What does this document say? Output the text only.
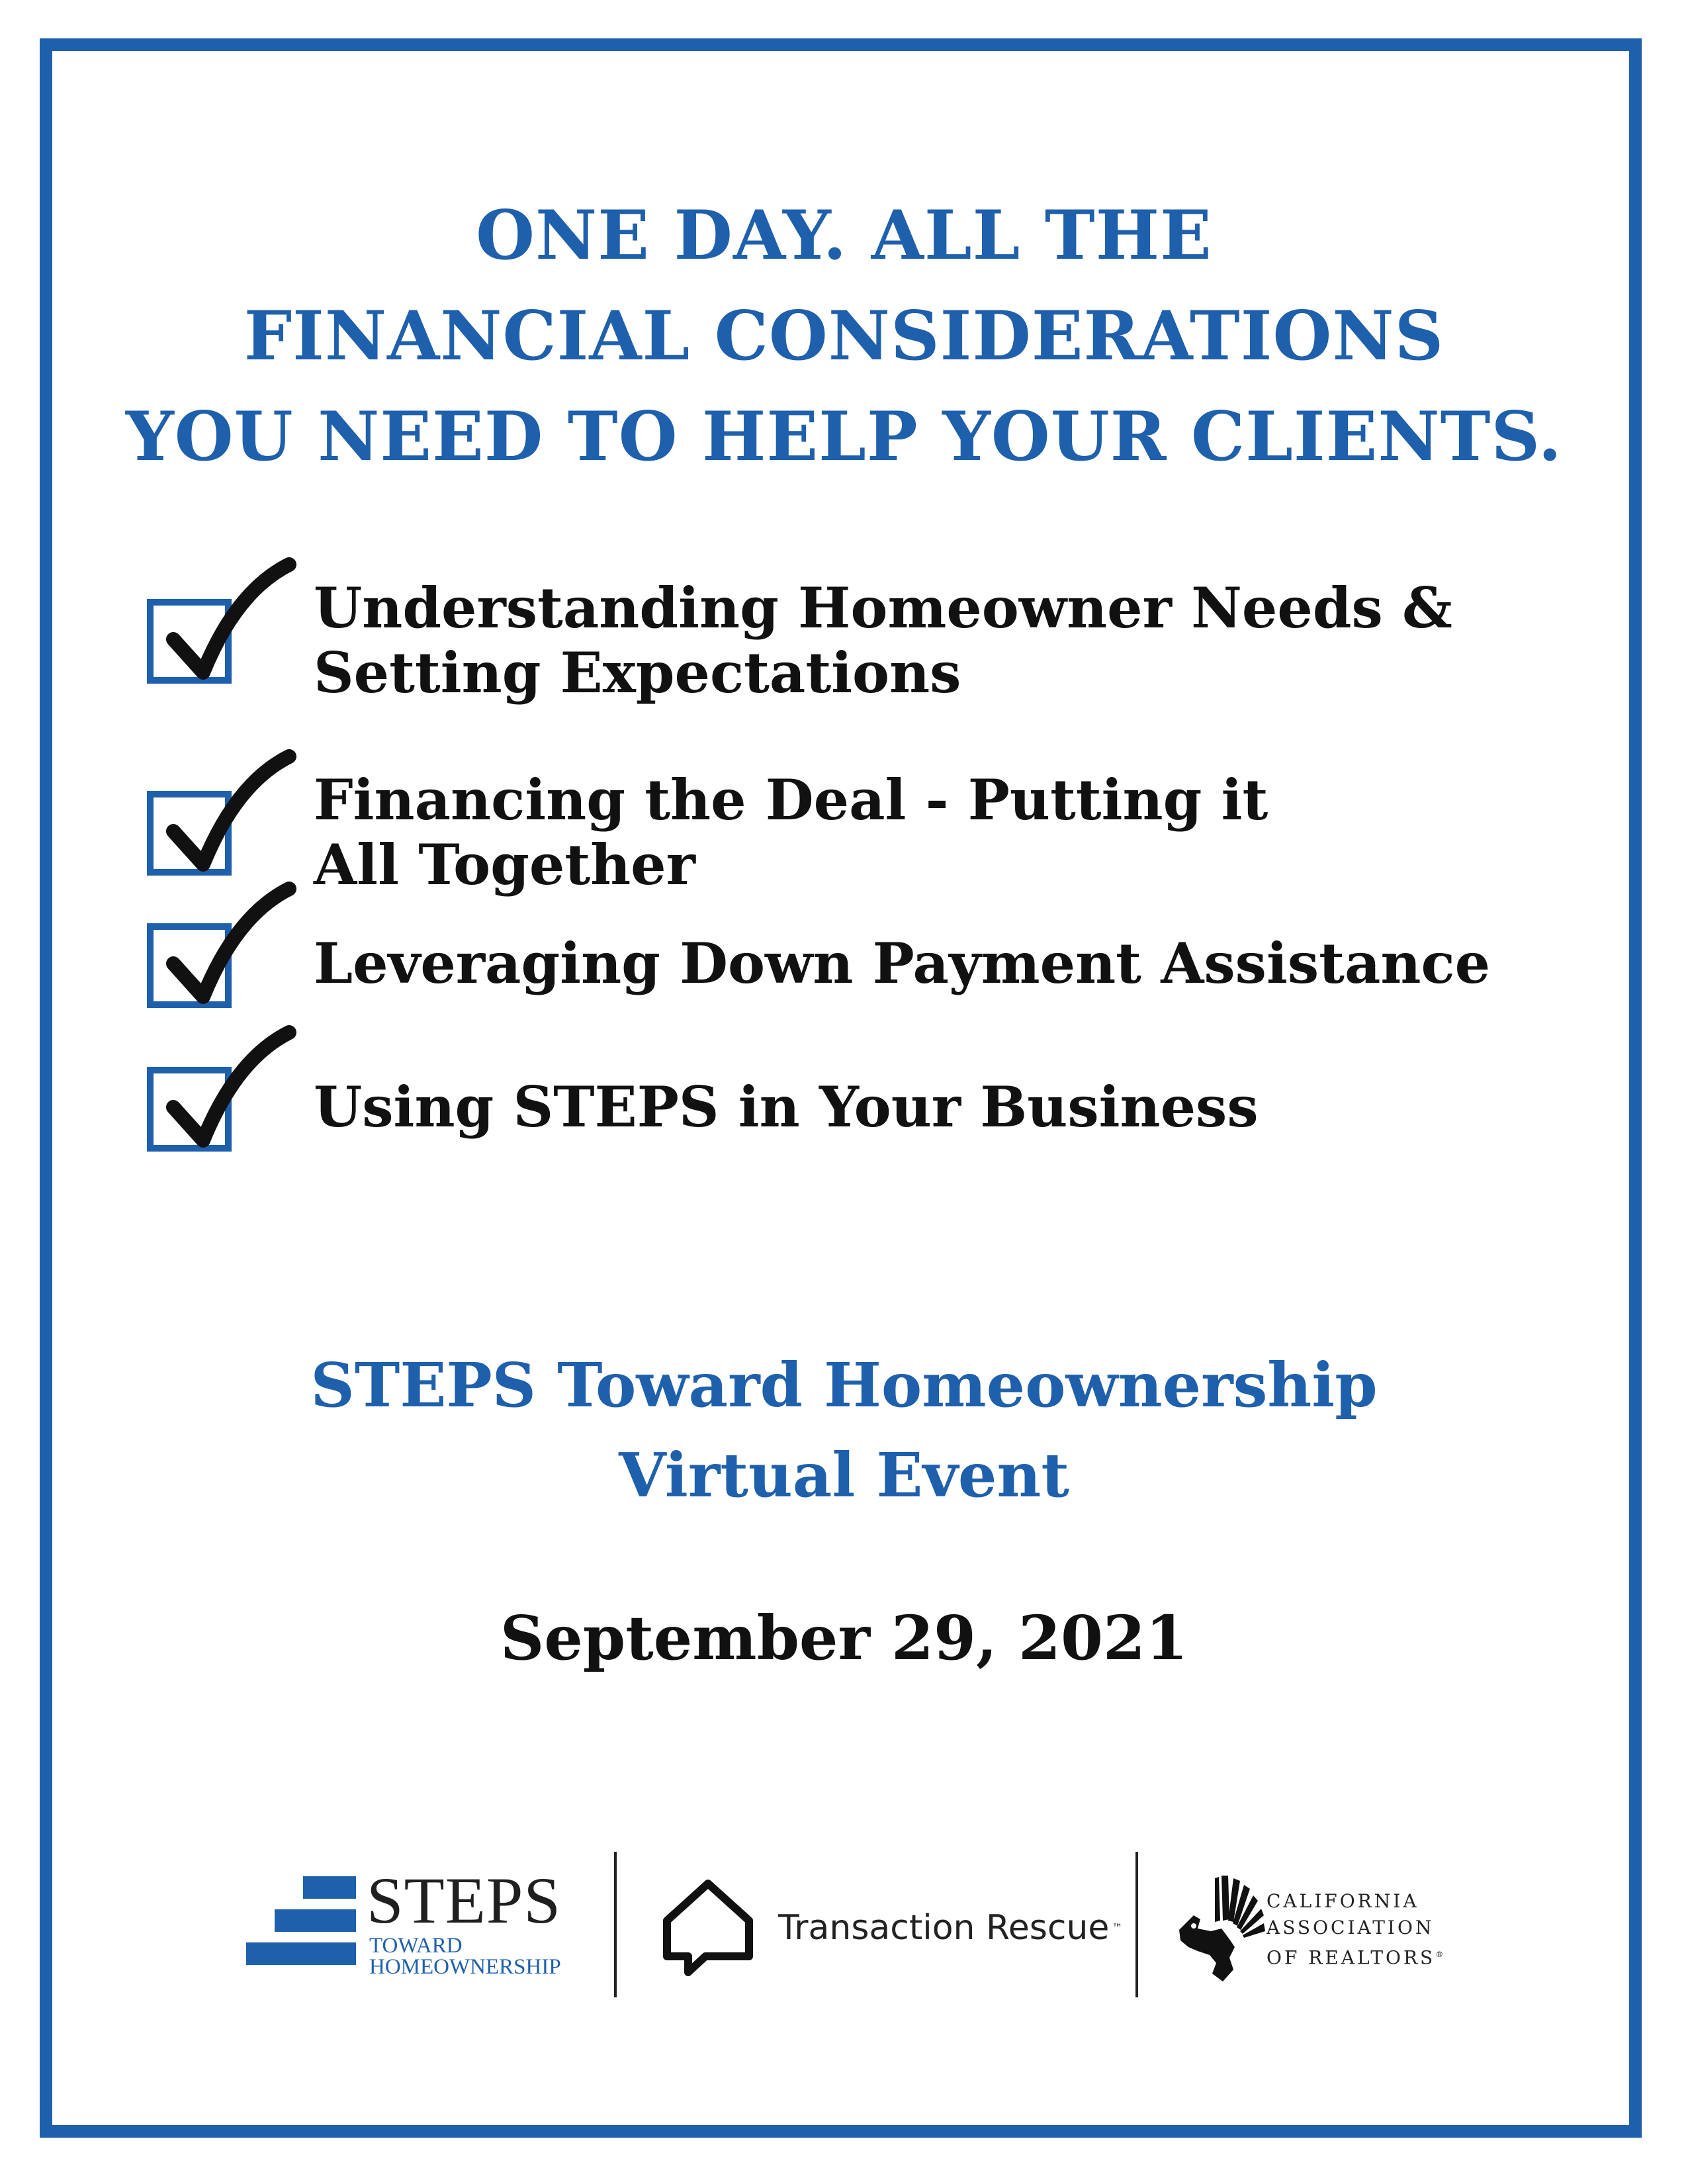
ONE DAY. ALL THE
FINANCIAL CONSIDERATIONS
YOU NEED TO HELP YOUR CLIENTS.
Understanding Homeowner Needs &
Setting Expectations
Financing the Deal - Putting it
All Together
Leveraging Down Payment Assistance
Using STEPS in Your Business
STEPS Toward Homeownership
Virtual Event
September 29, 2021
STEPS
TOWARD
HOMEOWNERSHIP
Transaction Rescue ™
CALIFORNIA
ASSOCIATION
OF REALTORS®
